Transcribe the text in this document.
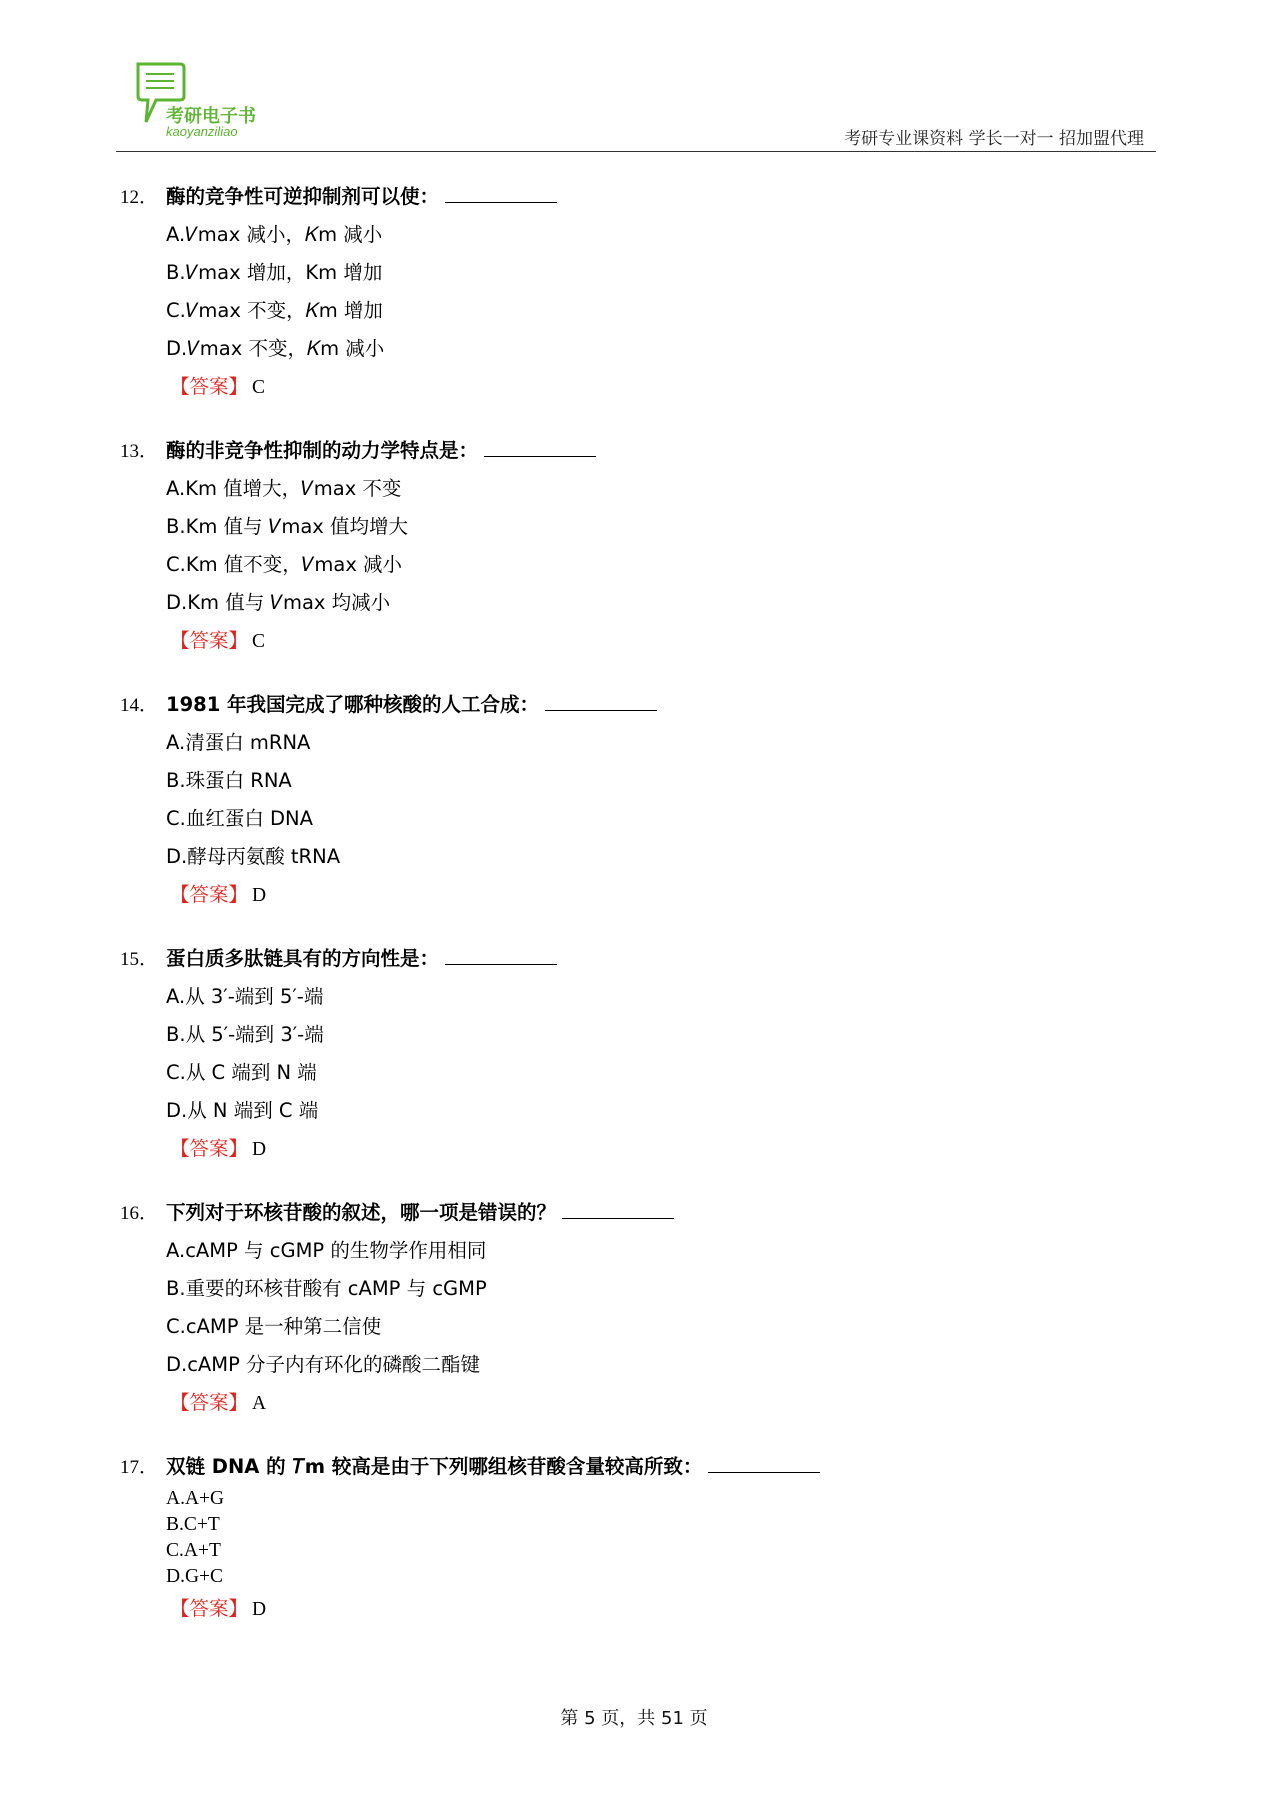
考研电子书
kaoyanziliao	考研专业课资料 学长一对一 招加盟代理
12． 酶的竞争性可逆抑制剂可以使：
A.𝑉max 减小，𝐾m 减小
B.𝑉max 增加，Km 增加
C.𝑉max 不变，𝐾m 增加
D.𝑉max 不变，𝐾m 减小
【答案】 C
13． 酶的非竞争性抑制的动力学特点是：
A.Km 值增大，𝑉max 不变
B.Km 值与 𝑉max 值均增大
C.Km 值不变，𝑉max 减小
D.Km 值与 𝑉max 均减小
【答案】 C
14． 1981 年我国完成了哪种核酸的人工合成：
A.清蛋白 mRNA
B.珠蛋白 RNA
C.血红蛋白 DNA
D.酵母丙氨酸 tRNA
【答案】 D
15． 蛋白质多肽链具有的方向性是：
A.从 3′-端到 5′-端
B.从 5′-端到 3′-端
C.从 C 端到 N 端
D.从 N 端到 C 端
【答案】 D
16． 下列对于环核苷酸的叙述，哪一项是错误的？
A.cAMP 与 cGMP 的生物学作用相同
B.重要的环核苷酸有 cAMP 与 cGMP
C.cAMP 是一种第二信使
D.cAMP 分子内有环化的磷酸二酯键
【答案】 A
17． 双链 DNA 的 𝑇m 较高是由于下列哪组核苷酸含量较高所致：
A.A+G
B.C+T
C.A+T
D.G+C
【答案】 D
第 5 页，共 51 页
